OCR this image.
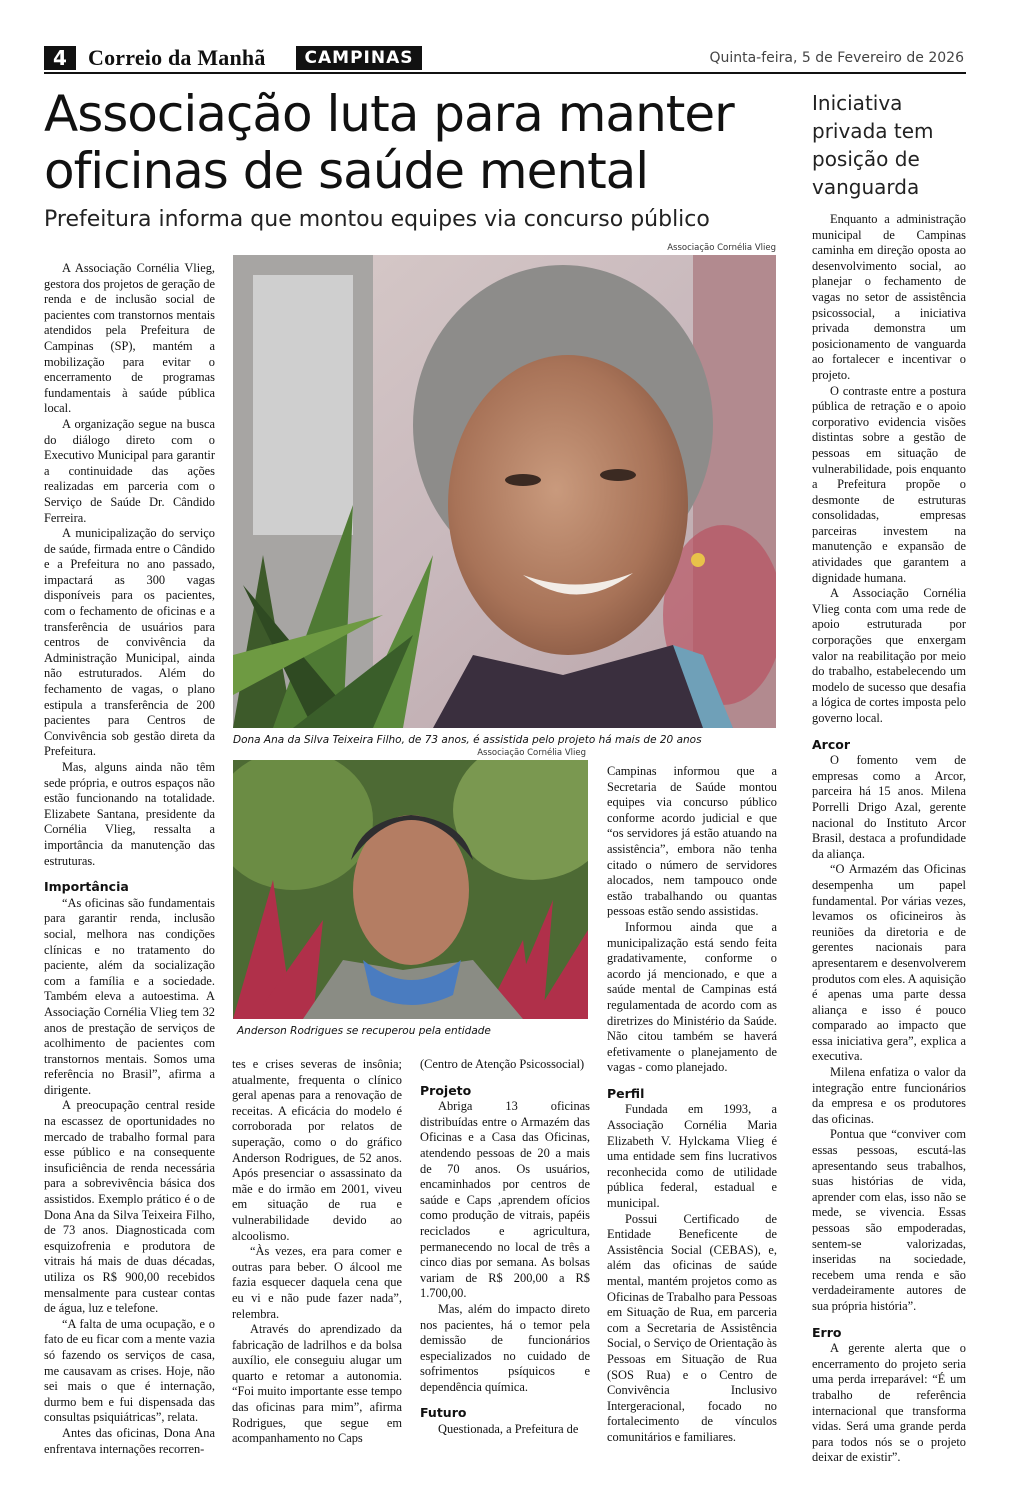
4 Correio da Manhã	CAMPINAS	Quinta-feira, 5 de Fevereiro de 2026
Associação luta para manter oficinas de saúde mental
Prefeitura informa que montou equipes via concurso público
Iniciativa privada tem posição de vanguarda
Associação Cornélia Vlieg
Dona Ana da Silva Teixeira Filho, de 73 anos, é assistida pelo projeto há mais de 20 anos
Associação Cornélia Vlieg
Anderson Rodrigues se recuperou pela entidade

A Associação Cornélia Vlieg, gestora dos projetos de geração de renda e de inclusão social de pacientes com transtornos mentais atendidos pela Prefeitura de Campinas (SP), mantém a mobilização para evitar o encerramento de programas fundamentais à saúde pública local.

A organização segue na busca do diálogo direto com o Executivo Municipal para garantir a continuidade das ações realizadas em parceria com o Serviço de Saúde Dr. Cândido Ferreira.

A municipalização do serviço de saúde, firmada entre o Cândido e a Prefeitura no ano passado, impactará as 300 vagas disponíveis para os pacientes, com o fechamento de oficinas e a transferência de usuários para centros de convivência da Administração Municipal, ainda não estruturados. Além do fechamento de vagas, o plano estipula a transferência de 200 pacientes para Centros de Convivência sob gestão direta da Prefeitura.

Mas, alguns ainda não têm sede própria, e outros espaços não estão funcionando na totalidade. Elizabete Santana, presidente da Cornélia Vlieg, ressalta a importância da manutenção das estruturas.

Importância

“As oficinas são fundamentais para garantir renda, inclusão social, melhora nas condições clínicas e no tratamento do paciente, além da socialização com a família e a sociedade. Também eleva a autoestima. A Associação Cornélia Vlieg tem 32 anos de prestação de serviços de acolhimento de pacientes com transtornos mentais. Somos uma referência no Brasil”, afirma a dirigente.

A preocupação central reside na escassez de oportunidades no mercado de trabalho formal para esse público e na consequente insuficiência de renda necessária para a sobrevivência básica dos assistidos. Exemplo prático é o de Dona Ana da Silva Teixeira Filho, de 73 anos. Diagnosticada com esquizofrenia e produtora de vitrais há mais de duas décadas, utiliza os R$ 900,00 recebidos mensalmente para custear contas de água, luz e telefone.

“A falta de uma ocupação, e o fato de eu ficar com a mente vazia só fazendo os serviços de casa, me causavam as crises. Hoje, não sei mais o que é internação, durmo bem e fui dispensada das consultas psiquiátricas”, relata.

Antes das oficinas, Dona Ana enfrentava internações recorren-

tes e crises severas de insônia; atualmente, frequenta o clínico geral apenas para a renovação de receitas. A eficácia do modelo é corroborada por relatos de superação, como o do gráfico Anderson Rodrigues, de 52 anos. Após presenciar o assassinato da mãe e do irmão em 2001, viveu em situação de rua e vulnerabilidade devido ao alcoolismo.

“Às vezes, era para comer e outras para beber. O álcool me fazia esquecer daquela cena que eu vi e não pude fazer nada”, relembra.

Através do aprendizado da fabricação de ladrilhos e da bolsa auxílio, ele conseguiu alugar um quarto e retomar a autonomia. “Foi muito importante esse tempo das oficinas para mim”, afirma Rodrigues, que segue em acompanhamento no Caps

(Centro de Atenção Psicossocial)

Projeto

Abriga 13 oficinas distribuídas entre o Armazém das Oficinas e a Casa das Oficinas, atendendo pessoas de 20 a mais de 70 anos. Os usuários, encaminhados por centros de saúde e Caps ,aprendem ofícios como produção de vitrais, papéis reciclados e agricultura, permanecendo no local de três a cinco dias por semana. As bolsas variam de R$ 200,00 a R$ 1.700,00.

Mas, além do impacto direto nos pacientes, há o temor pela demissão de funcionários especializados no cuidado de sofrimentos psíquicos e dependência química.

Futuro

Questionada, a Prefeitura de

Campinas informou que a Secretaria de Saúde montou equipes via concurso público conforme acordo judicial e que “os servidores já estão atuando na assistência”, embora não tenha citado o número de servidores alocados, nem tampouco onde estão trabalhando ou quantas pessoas estão sendo assistidas.

Informou ainda que a municipalização está sendo feita gradativamente, conforme o acordo já mencionado, e que a saúde mental de Campinas está regulamentada de acordo com as diretrizes do Ministério da Saúde. Não citou também se haverá efetivamente o planejamento de vagas - como planejado.

Perfil

Fundada em 1993, a Associação Cornélia Maria Elizabeth V. Hylckama Vlieg é uma entidade sem fins lucrativos reconhecida como de utilidade pública federal, estadual e municipal.

Possui Certificado de Entidade Beneficente de Assistência Social (CEBAS), e, além das oficinas de saúde mental, mantém projetos como as Oficinas de Trabalho para Pessoas em Situação de Rua, em parceria com a Secretaria de Assistência Social, o Serviço de Orientação às Pessoas em Situação de Rua (SOS Rua) e o Centro de Convivência Inclusivo Intergeracional, focado no fortalecimento de vínculos comunitários e familiares.

Enquanto a administração municipal de Campinas caminha em direção oposta ao desenvolvimento social, ao planejar o fechamento de vagas no setor de assistência psicossocial, a iniciativa privada demonstra um posicionamento de vanguarda ao fortalecer e incentivar o projeto.

O contraste entre a postura pública de retração e o apoio corporativo evidencia visões distintas sobre a gestão de pessoas em situação de vulnerabilidade, pois enquanto a Prefeitura propõe o desmonte de estruturas consolidadas, empresas parceiras investem na manutenção e expansão de atividades que garantem a dignidade humana.

A Associação Cornélia Vlieg conta com uma rede de apoio estruturada por corporações que enxergam valor na reabilitação por meio do trabalho, estabelecendo um modelo de sucesso que desafia a lógica de cortes imposta pelo governo local.

Arcor

O fomento vem de empresas como a Arcor, parceira há 15 anos. Milena Porrelli Drigo Azal, gerente nacional do Instituto Arcor Brasil, destaca a profundidade da aliança.

“O Armazém das Oficinas desempenha um papel fundamental. Por várias vezes, levamos os oficineiros às reuniões da diretoria e de gerentes nacionais para apresentarem e desenvolverem produtos com eles. A aquisição é apenas uma parte dessa aliança e isso é pouco comparado ao impacto que essa iniciativa gera”, explica a executiva.

Milena enfatiza o valor da integração entre funcionários da empresa e os produtores das oficinas.

Pontua que “conviver com essas pessoas, escutá-las apresentando seus trabalhos, suas histórias de vida, aprender com elas, isso não se mede, se vivencia. Essas pessoas são empoderadas, sentem-se valorizadas, inseridas na sociedade, recebem uma renda e são verdadeiramente autores de sua própria história”.

Erro

A gerente alerta que o encerramento do projeto seria uma perda irreparável: “É um trabalho de referência internacional que transforma vidas. Será uma grande perda para todos nós se o projeto deixar de existir”.
